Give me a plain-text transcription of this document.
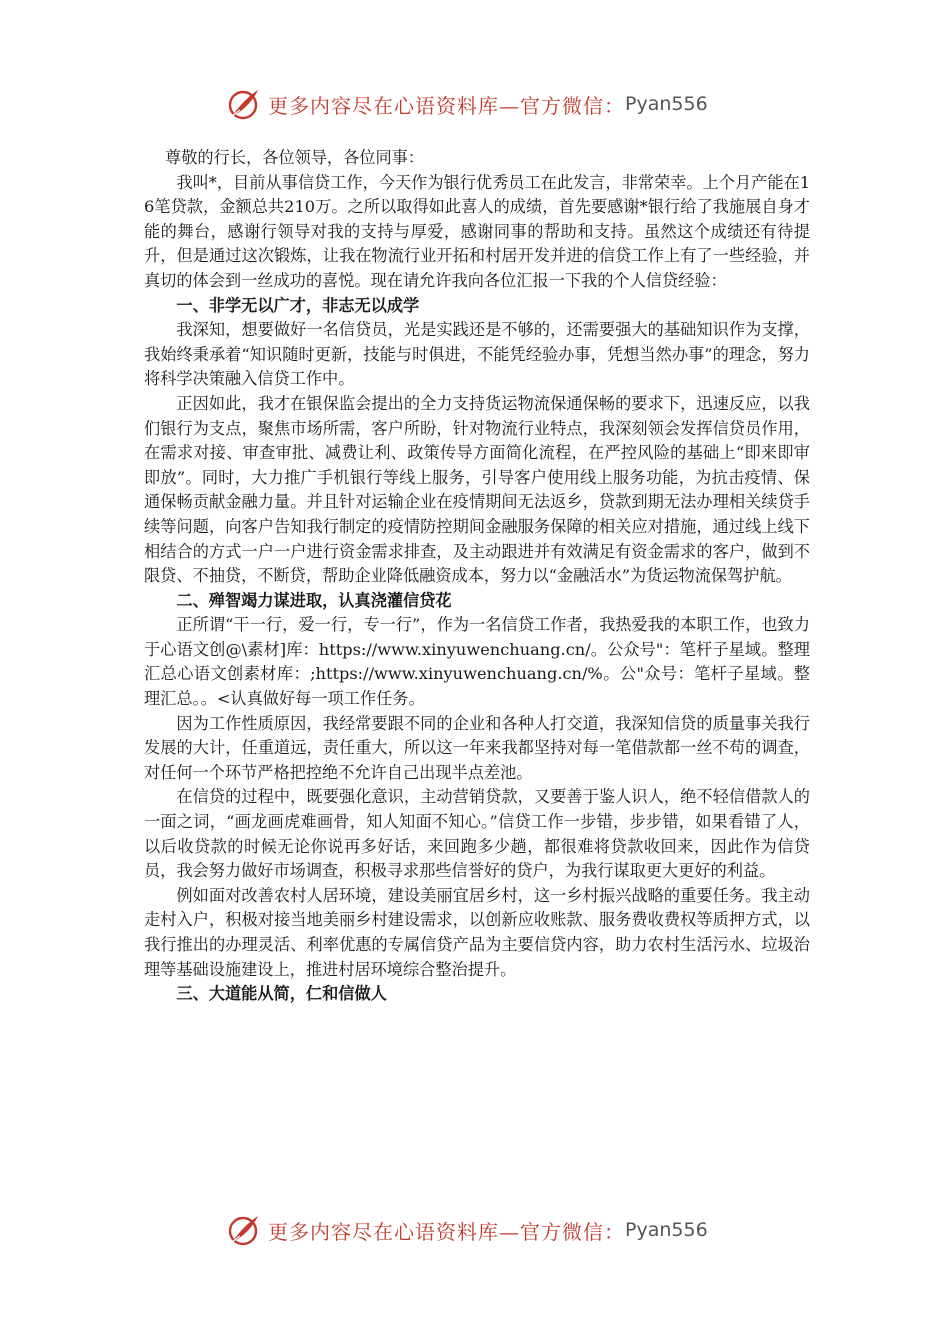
更多内容尽在心语资料库—官方微信： Pyan556

尊敬的行长，各位领导，各位同事：

我叫*，目前从事信贷工作，今天作为银行优秀员工在此发言，非常荣幸。上个月产能在16笔贷款，金额总共210万。之所以取得如此喜人的成绩，首先要感谢*银行给了我施展自身才能的舞台，感谢行领导对我的支持与厚爱，感谢同事的帮助和支持。虽然这个成绩还有待提升，但是通过这次锻炼，让我在物流行业开拓和村居开发并进的信贷工作上有了一些经验，并真切的体会到一丝成功的喜悦。现在请允许我向各位汇报一下我的个人信贷经验：

一、非学无以广才，非志无以成学

我深知，想要做好一名信贷员，光是实践还是不够的，还需要强大的基础知识作为支撑，我始终秉承着“知识随时更新，技能与时俱进，不能凭经验办事，凭想当然办事”的理念，努力将科学决策融入信贷工作中。

正因如此，我才在银保监会提出的全力支持货运物流保通保畅的要求下，迅速反应，以我们银行为支点，聚焦市场所需，客户所盼，针对物流行业特点，我深刻领会发挥信贷员作用，在需求对接、审查审批、减费让利、政策传导方面简化流程，在严控风险的基础上“即来即审即放”。同时，大力推广手机银行等线上服务，引导客户使用线上服务功能，为抗击疫情、保通保畅贡献金融力量。并且针对运输企业在疫情期间无法返乡，贷款到期无法办理相关续贷手续等问题，向客户告知我行制定的疫情防控期间金融服务保障的相关应对措施，通过线上线下相结合的方式一户一户进行资金需求排查，及主动跟进并有效满足有资金需求的客户，做到不限贷、不抽贷，不断贷，帮助企业降低融资成本，努力以“金融活水”为货运物流保驾护航。

二、殚智竭力谋进取，认真浇灌信贷花

正所谓“干一行，爱一行，专一行”，作为一名信贷工作者，我热爱我的本职工作，也致力于心语文创@\素材]库：https://www.xinyuwenchuang.cn/。公众号"：笔杆子星域。整理汇总心语文创素材库：;https://www.xinyuwenchuang.cn/%。公"众号：笔杆子星域。整理汇总。。<认真做好每一项工作任务。

因为工作性质原因，我经常要跟不同的企业和各种人打交道，我深知信贷的质量事关我行发展的大计，任重道远，责任重大，所以这一年来我都坚持对每一笔借款都一丝不苟的调查，对任何一个环节严格把控绝不允许自己出现半点差池。

在信贷的过程中，既要强化意识，主动营销贷款，又要善于鉴人识人，绝不轻信借款人的一面之词，“画龙画虎难画骨，知人知面不知心。”信贷工作一步错，步步错，如果看错了人，以后收贷款的时候无论你说再多好话，来回跑多少趟，都很难将贷款收回来，因此作为信贷员，我会努力做好市场调查，积极寻求那些信誉好的贷户，为我行谋取更大更好的利益。

例如面对改善农村人居环境，建设美丽宜居乡村，这一乡村振兴战略的重要任务。我主动走村入户，积极对接当地美丽乡村建设需求，以创新应收账款、服务费收费权等质押方式，以我行推出的办理灵活、利率优惠的专属信贷产品为主要信贷内容，助力农村生活污水、垃圾治理等基础设施建设上，推进村居环境综合整治提升。

三、大道能从简，仁和信做人

更多内容尽在心语资料库—官方微信： Pyan556
